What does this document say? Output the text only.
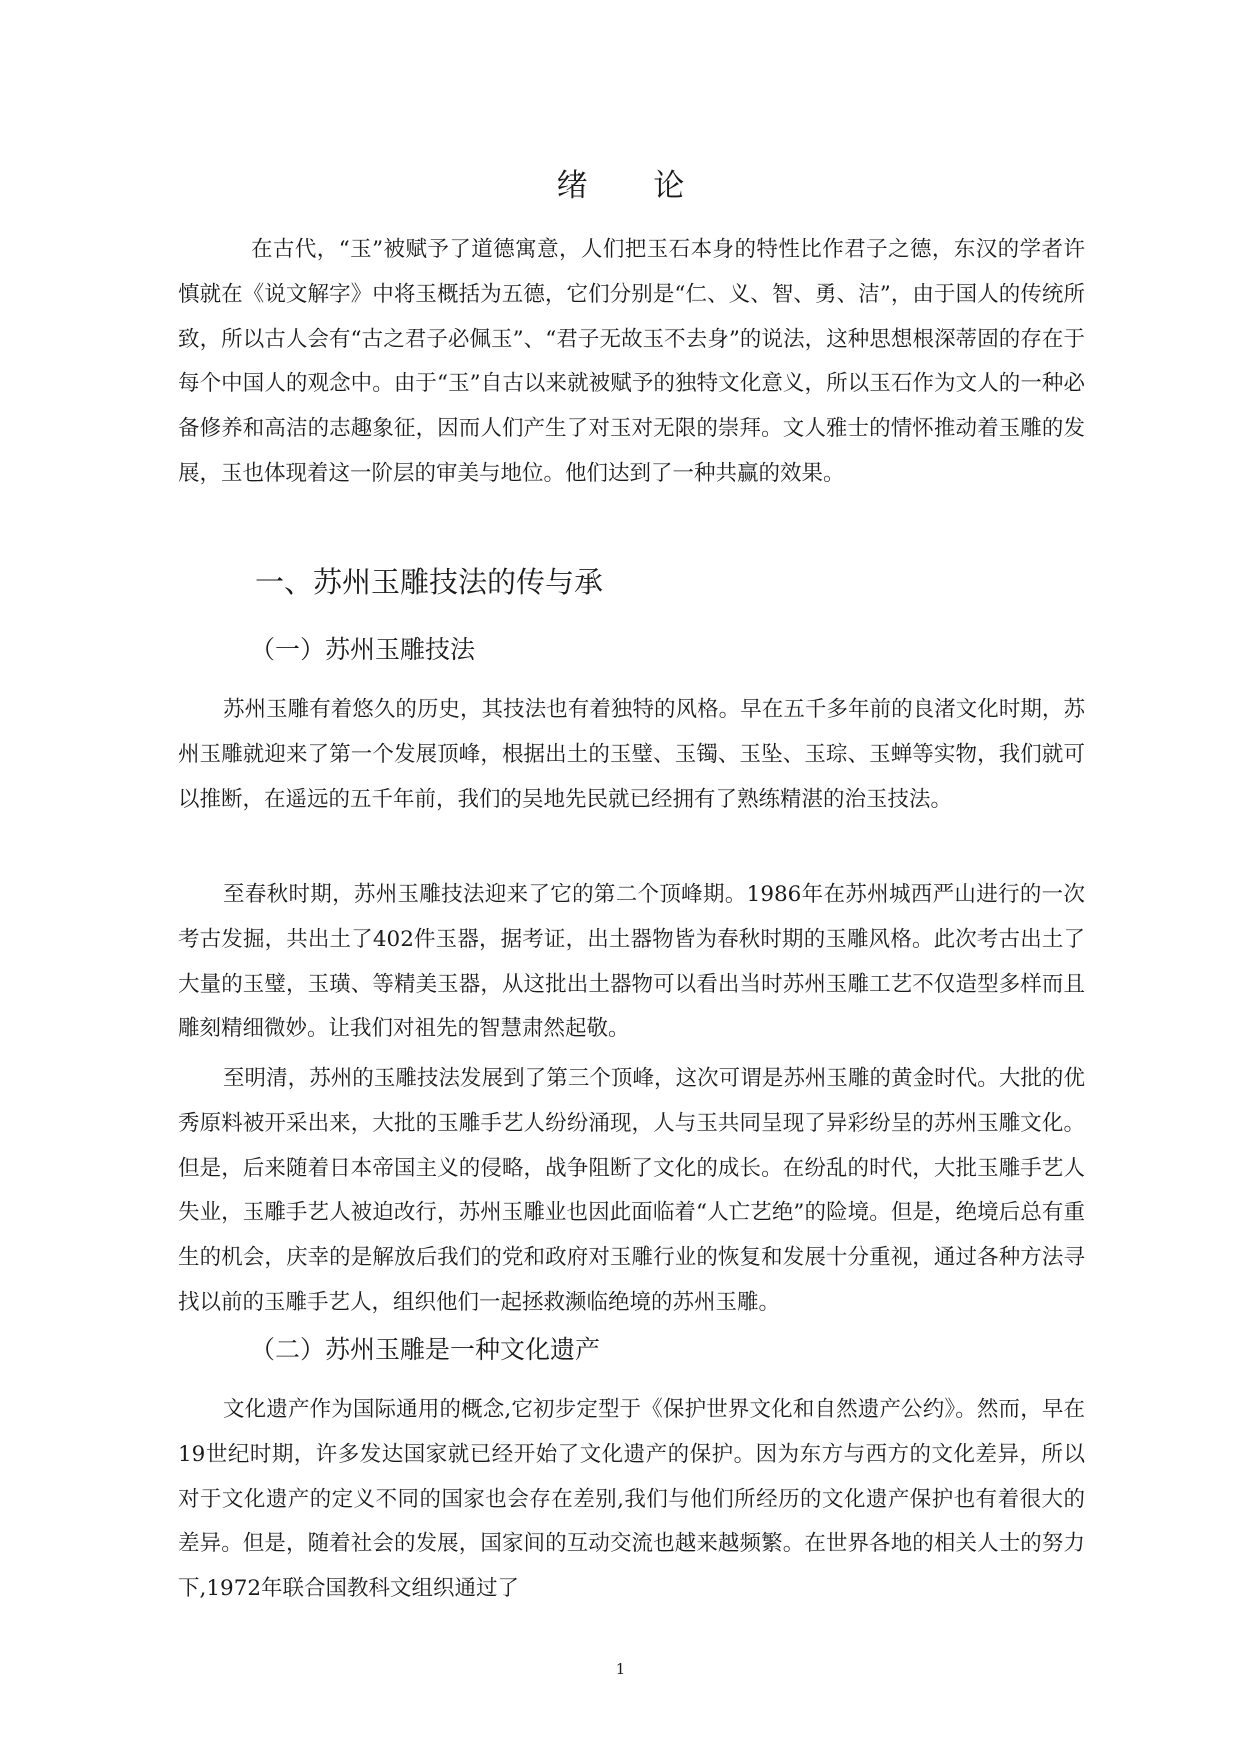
绪 论

在古代，“玉”被赋予了道德寓意，人们把玉石本身的特性比作君子之德，东汉的学者许慎就在《说文解字》中将玉概括为五德，它们分别是“仁、义、智、勇、洁”，由于国人的传统所致，所以古人会有“古之君子必佩玉”、“君子无故玉不去身”的说法，这种思想根深蒂固的存在于每个中国人的观念中。由于“玉”自古以来就被赋予的独特文化意义，所以玉石作为文人的一种必备修养和高洁的志趣象征，因而人们产生了对玉对无限的崇拜。文人雅士的情怀推动着玉雕的发展，玉也体现着这一阶层的审美与地位。他们达到了一种共赢的效果。

一、苏州玉雕技法的传与承
（一）苏州玉雕技法

苏州玉雕有着悠久的历史，其技法也有着独特的风格。早在五千多年前的良渚文化时期，苏州玉雕就迎来了第一个发展顶峰，根据出土的玉璧、玉镯、玉坠、玉琮、玉蝉等实物，我们就可以推断，在遥远的五千年前，我们的吴地先民就已经拥有了熟练精湛的治玉技法。

至春秋时期，苏州玉雕技法迎来了它的第二个顶峰期。1986年在苏州城西严山进行的一次考古发掘，共出土了402件玉器，据考证，出土器物皆为春秋时期的玉雕风格。此次考古出土了大量的玉璧，玉璜、等精美玉器，从这批出土器物可以看出当时苏州玉雕工艺不仅造型多样而且雕刻精细微妙。让我们对祖先的智慧肃然起敬。

至明清，苏州的玉雕技法发展到了第三个顶峰，这次可谓是苏州玉雕的黄金时代。大批的优秀原料被开采出来，大批的玉雕手艺人纷纷涌现，人与玉共同呈现了异彩纷呈的苏州玉雕文化。但是，后来随着日本帝国主义的侵略，战争阻断了文化的成长。在纷乱的时代，大批玉雕手艺人失业，玉雕手艺人被迫改行，苏州玉雕业也因此面临着“人亡艺绝”的险境。但是，绝境后总有重生的机会，庆幸的是解放后我们的党和政府对玉雕行业的恢复和发展十分重视，通过各种方法寻找以前的玉雕手艺人，组织他们一起拯救濒临绝境的苏州玉雕。

（二）苏州玉雕是一种文化遗产

文化遗产作为国际通用的概念,它初步定型于《保护世界文化和自然遗产公约》。然而，早在19世纪时期，许多发达国家就已经开始了文化遗产的保护。因为东方与西方的文化差异，所以对于文化遗产的定义不同的国家也会存在差别,我们与他们所经历的文化遗产保护也有着很大的差异。但是，随着社会的发展，国家间的互动交流也越来越频繁。在世界各地的相关人士的努力下,1972年联合国教科文组织通过了

1
